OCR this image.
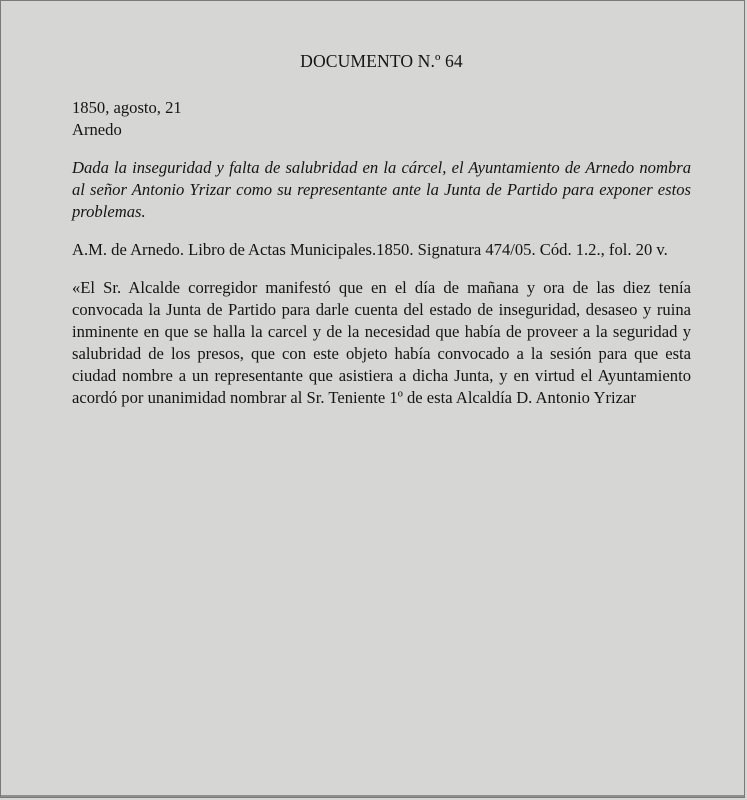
DOCUMENTO N.º 64
1850, agosto, 21
Arnedo

Dada la inseguridad y falta de salubridad en la cárcel, el Ayuntamiento de Arnedo nombra al señor Antonio Yrizar como su representante ante la Junta de Partido para exponer estos problemas.

A.M. de Arnedo. Libro de Actas Municipales.1850. Signatura 474/05. Cód. 1.2., fol. 20 v.

«El Sr. Alcalde corregidor manifestó que en el día de mañana y ora de las diez tenía convocada la Junta de Partido para darle cuenta del estado de inseguridad, desaseo y ruina inminente en que se halla la carcel y de la necesidad que había de proveer a la seguridad y salubridad de los presos, que con este objeto había convocado a la sesión para que esta ciudad nombre a un representante que asistiera a dicha Junta, y en virtud el Ayuntamiento acordó por unanimidad nombrar al Sr. Teniente 1º de esta Alcaldía D. Antonio Yrizar
